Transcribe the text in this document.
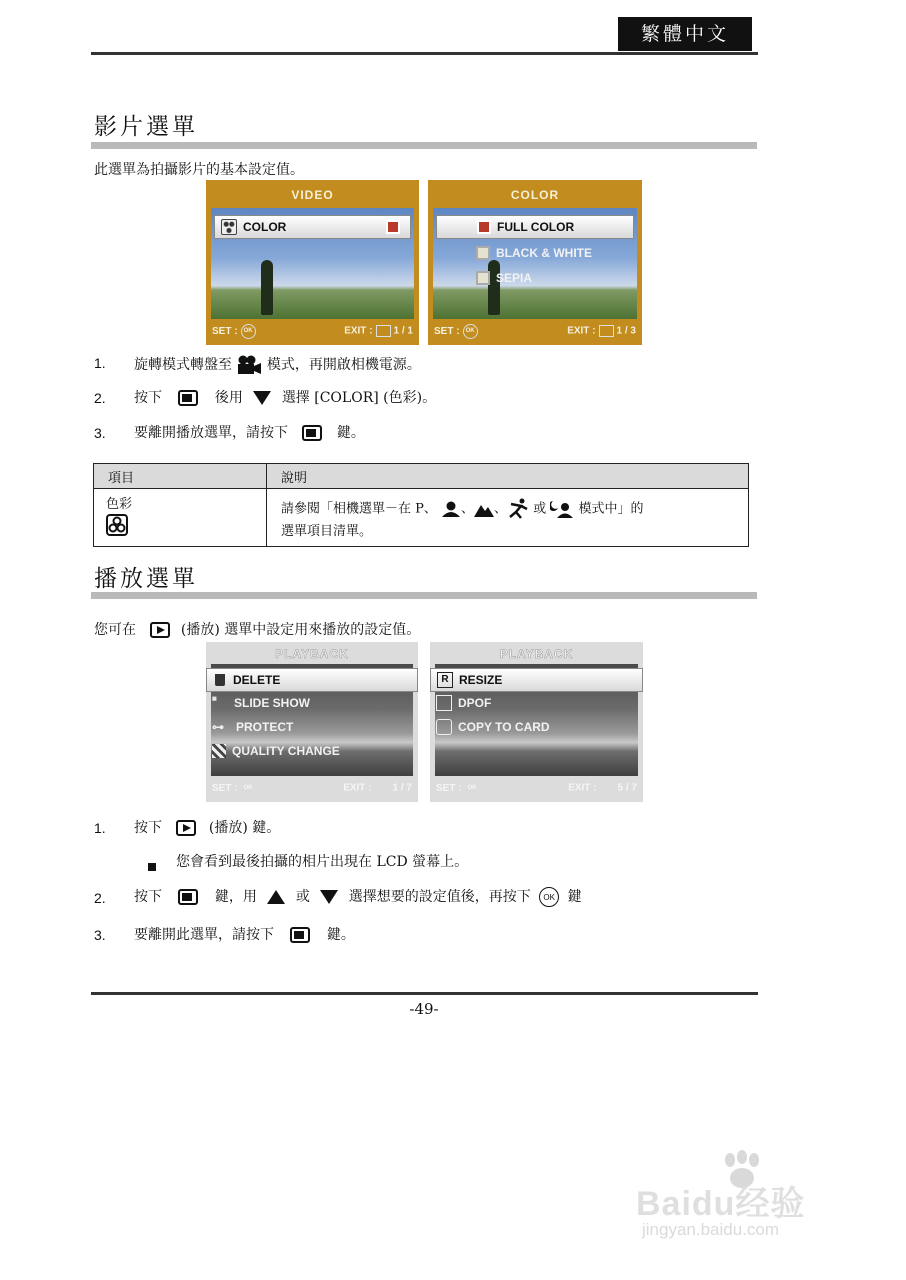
繁體中文
影片選單
此選單為拍攝影片的基本設定值。
VIDEO
COLOR
SET : OK	EXIT : 1 / 1
COLOR
FULL COLOR
BLACK & WHITE
SEPIA
SET : OK	EXIT : 1 / 3
1. 旋轉模式轉盤至 模式，再開啟相機電源。
2. 按下	後用	選擇 [COLOR] (色彩)。
3. 要離開播放選單，請按下	鍵。
項目	說明

色彩	請參閱「相機選單－在 P、 、 、 或 模式中」的
選單項目清單。
播放選單
您可在	(播放) 選單中設定用來播放的設定值。
PLAYBACK
DELETE
▦	SLIDE SHOW
⊶	PROTECT
QUALITY CHANGE
SET : OK	EXIT : 1 / 7
PLAYBACK
R RESIZE
DPOF
COPY TO CARD
SET : OK	EXIT : 5 / 7
1. 按下	(播放) 鍵。
您會看到最後拍攝的相片出現在 LCD 螢幕上。
2. 按下	鍵，用	或	選擇想要的設定值後，再按下 OK 鍵
3. 要離開此選單，請按下	鍵。
-49-
Baidu经验
jingyan.baidu.com
